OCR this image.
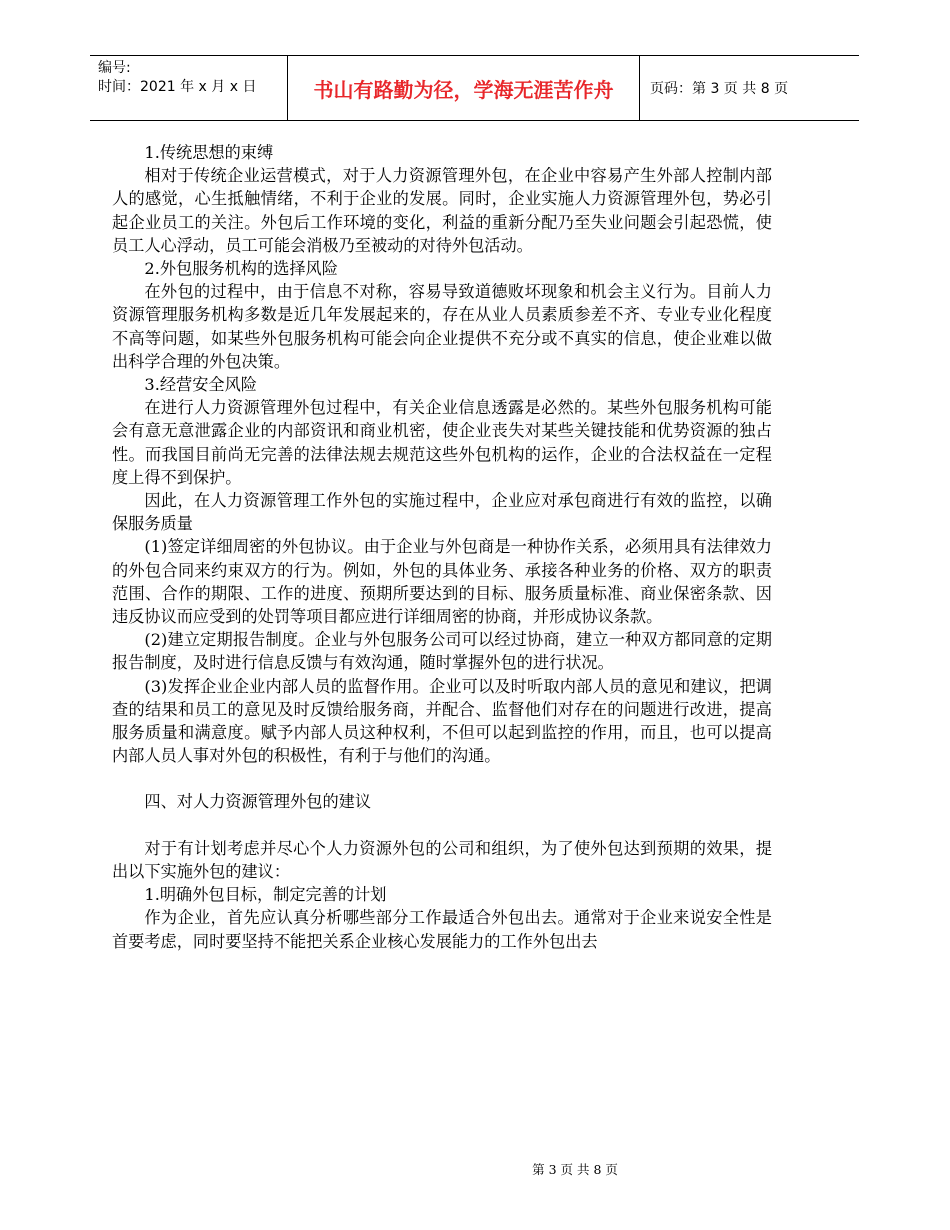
编号:
时间：2021 年 x 月 x 日	书山有路勤为径，学海无涯苦作舟	页码：第 3 页 共 8 页

1.传统思想的束缚

相对于传统企业运营模式，对于人力资源管理外包，在企业中容易产生外部人控制内部人的感觉，心生抵触情绪，不利于企业的发展。同时，企业实施人力资源管理外包，势必引起企业员工的关注。外包后工作环境的变化，利益的重新分配乃至失业问题会引起恐慌，使员工人心浮动，员工可能会消极乃至被动的对待外包活动。

2.外包服务机构的选择风险

在外包的过程中，由于信息不对称，容易导致道德败坏现象和机会主义行为。目前人力资源管理服务机构多数是近几年发展起来的，存在从业人员素质参差不齐、专业专业化程度不高等问题，如某些外包服务机构可能会向企业提供不充分或不真实的信息，使企业难以做出科学合理的外包决策。

3.经营安全风险

在进行人力资源管理外包过程中，有关企业信息透露是必然的。某些外包服务机构可能会有意无意泄露企业的内部资讯和商业机密，使企业丧失对某些关键技能和优势资源的独占性。而我国目前尚无完善的法律法规去规范这些外包机构的运作，企业的合法权益在一定程度上得不到保护。

因此，在人力资源管理工作外包的实施过程中，企业应对承包商进行有效的监控，以确保服务质量

(1)签定详细周密的外包协议。由于企业与外包商是一种协作关系，必须用具有法律效力的外包合同来约束双方的行为。例如，外包的具体业务、承接各种业务的价格、双方的职责范围、合作的期限、工作的进度、预期所要达到的目标、服务质量标准、商业保密条款、因违反协议而应受到的处罚等项目都应进行详细周密的协商，并形成协议条款。

(2)建立定期报告制度。企业与外包服务公司可以经过协商，建立一种双方都同意的定期报告制度，及时进行信息反馈与有效沟通，随时掌握外包的进行状况。

(3)发挥企业企业内部人员的监督作用。企业可以及时听取内部人员的意见和建议，把调查的结果和员工的意见及时反馈给服务商，并配合、监督他们对存在的问题进行改进，提高服务质量和满意度。赋予内部人员这种权利，不但可以起到监控的作用，而且，也可以提高内部人员人事对外包的积极性，有利于与他们的沟通。

四、对人力资源管理外包的建议

对于有计划考虑并尽心个人力资源外包的公司和组织，为了使外包达到预期的效果，提出以下实施外包的建议：

1.明确外包目标，制定完善的计划

作为企业，首先应认真分析哪些部分工作最适合外包出去。通常对于企业来说安全性是首要考虑，同时要坚持不能把关系企业核心发展能力的工作外包出去

第 3 页 共 8 页
